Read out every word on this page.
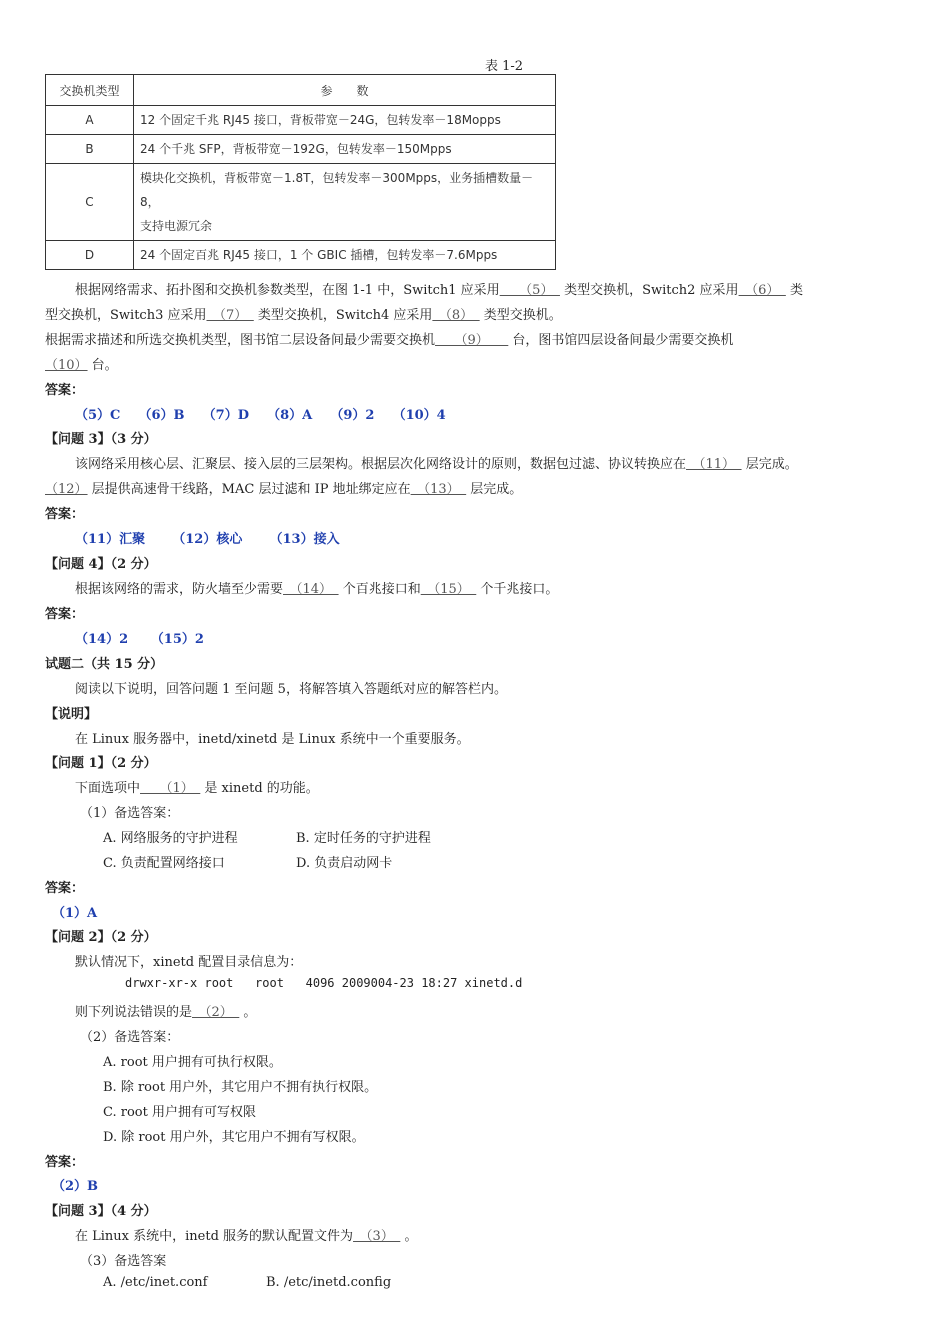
表 1-2
交换机类型	参　　数
A	12 个固定千兆 RJ45 接口，背板带宽－24G，包转发率－18Mopps
B	24 个千兆 SFP，背板带宽－192G，包转发率－150Mpps
C	模块化交换机，背板带宽－1.8T，包转发率－300Mpps，业务插槽数量－8，
支持电源冗余

D	24 个固定百兆 RJ45 接口，1 个 GBIC 插槽，包转发率－7.6Mpps
根据网络需求、拓扑图和交换机参数类型，在图 1-1 中，Switch1 应采用　　（5）　 类型交换机，Switch2 应采用　（6）　 类
型交换机，Switch3 应采用　（7）　 类型交换机，Switch4 应采用　（8）　 类型交换机。
根据需求描述和所选交换机类型，图书馆二层设备间最少需要交换机　　（9）　　 台，图书馆四层设备间最少需要交换机
（10） 台。
答案：
（5）C （6）B （7）D （8）A （9）2 （10）4
【问题 3】（3 分）
该网络采用核心层、汇聚层、接入层的三层架构。根据层次化网络设计的原则，数据包过滤、协议转换应在　（11）　 层完成。
（12） 层提供高速骨干线路，MAC 层过滤和 IP 地址绑定应在　（13）　 层完成。
答案：
（11）汇聚 （12）核心 （13）接入
【问题 4】（2 分）
根据该网络的需求，防火墙至少需要　（14）　 个百兆接口和　（15）　 个千兆接口。
答案：
（14）2 （15）2
试题二（共 15 分）
阅读以下说明，回答问题 1 至问题 5，将解答填入答题纸对应的解答栏内。
【说明】
在 Linux 服务器中，inetd/xinetd 是 Linux 系统中一个重要服务。
【问题 1】（2 分）
下面选项中　　（1）　 是 xinetd 的功能。
（1）备选答案：
A. 网络服务的守护进程	B. 定时任务的守护进程
C. 负责配置网络接口	D. 负责启动网卡
答案：
（1）A
【问题 2】（2 分）
默认情况下，xinetd 配置目录信息为：
drwxr-xr-x root   root   4096 2009004-23 18:27 xinetd.d
则下列说法错误的是　（2）　 。
（2）备选答案：
A. root 用户拥有可执行权限。
B. 除 root 用户外，其它用户不拥有执行权限。
C. root 用户拥有可写权限
D. 除 root 用户外，其它用户不拥有写权限。
答案：
（2）B
【问题 3】（4 分）
在 Linux 系统中，inetd 服务的默认配置文件为　（3）　 。
（3）备选答案
A. /etc/inet.conf	B. /etc/inetd.config
